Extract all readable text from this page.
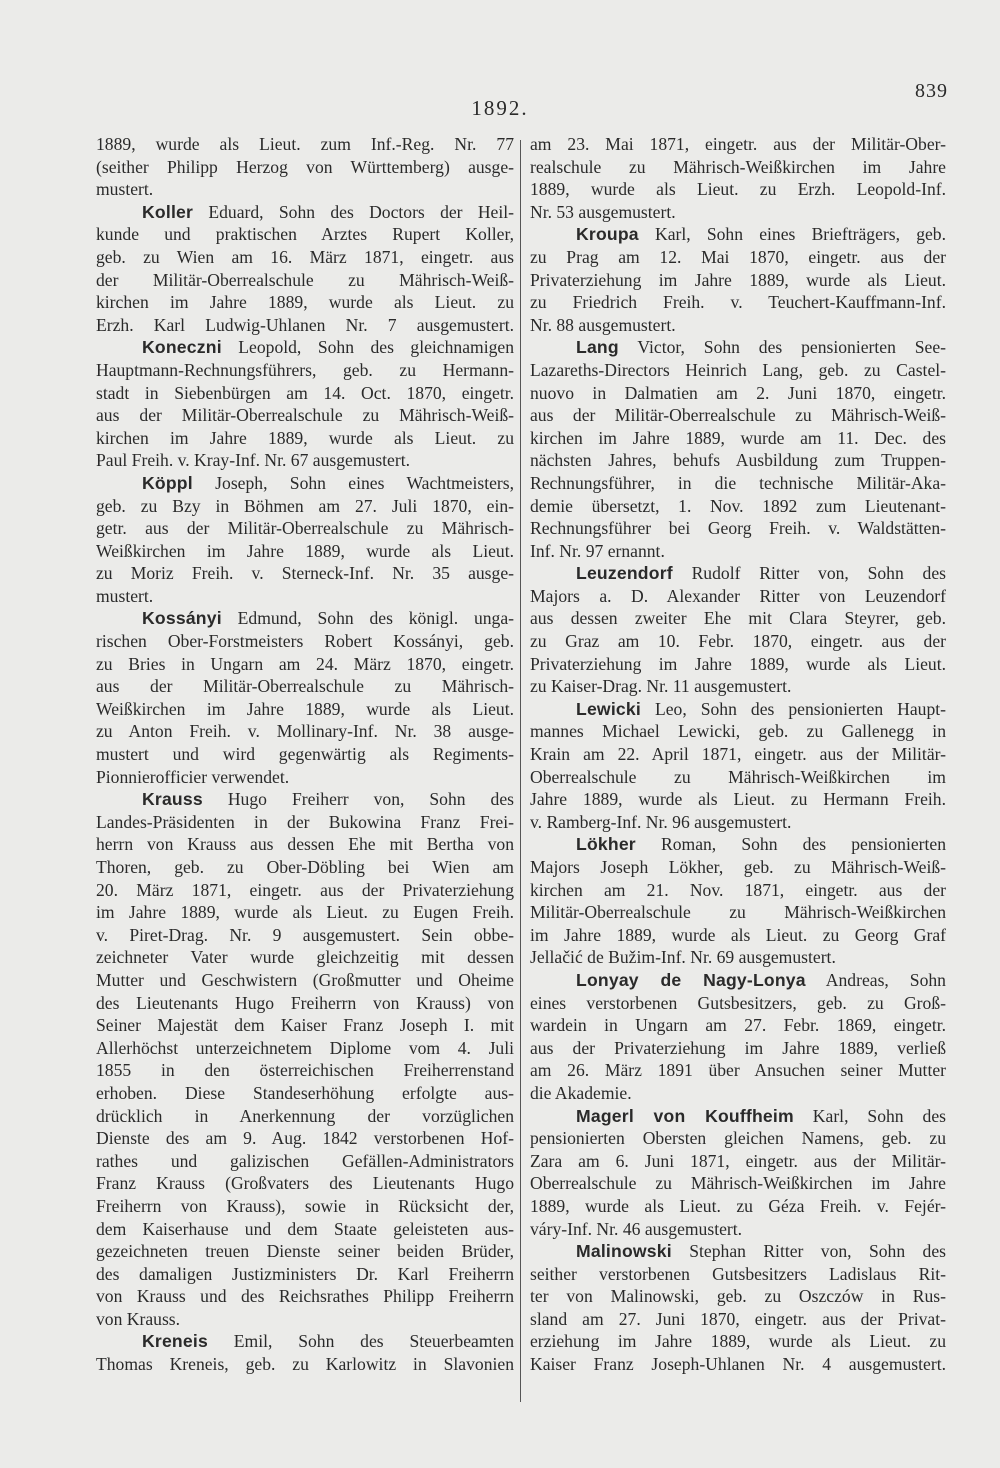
839
1892.
1889, wurde als Lieut. zum Inf.-Reg. Nr. 77
(seither Philipp Herzog von Württemberg) ausge-
mustert.
Koller Eduard, Sohn des Doctors der Heil-
kunde und praktischen Arztes Rupert Koller,
geb. zu Wien am 16. März 1871, eingetr. aus
der Militär-Oberrealschule zu Mährisch-Weiß-
kirchen im Jahre 1889, wurde als Lieut. zu
Erzh. Karl Ludwig-Uhlanen Nr. 7 ausgemustert.
Koneczni Leopold, Sohn des gleichnamigen
Hauptmann-Rechnungsführers, geb. zu Hermann-
stadt in Siebenbürgen am 14. Oct. 1870, eingetr.
aus der Militär-Oberrealschule zu Mährisch-Weiß-
kirchen im Jahre 1889, wurde als Lieut. zu
Paul Freih. v. Kray-Inf. Nr. 67 ausgemustert.
Köppl Joseph, Sohn eines Wachtmeisters,
geb. zu Bzy in Böhmen am 27. Juli 1870, ein-
getr. aus der Militär-Oberrealschule zu Mährisch-
Weißkirchen im Jahre 1889, wurde als Lieut.
zu Moriz Freih. v. Sterneck-Inf. Nr. 35 ausge-
mustert.
Kossányi Edmund, Sohn des königl. unga-
rischen Ober-Forstmeisters Robert Kossányi, geb.
zu Bries in Ungarn am 24. März 1870, eingetr.
aus der Militär-Oberrealschule zu Mährisch-
Weißkirchen im Jahre 1889, wurde als Lieut.
zu Anton Freih. v. Mollinary-Inf. Nr. 38 ausge-
mustert und wird gegenwärtig als Regiments-
Pionnierofficier verwendet.
Krauss Hugo Freiherr von, Sohn des
Landes-Präsidenten in der Bukowina Franz Frei-
herrn von Krauss aus dessen Ehe mit Bertha von
Thoren, geb. zu Ober-Döbling bei Wien am
20. März 1871, eingetr. aus der Privaterziehung
im Jahre 1889, wurde als Lieut. zu Eugen Freih.
v. Piret-Drag. Nr. 9 ausgemustert. Sein obbe-
zeichneter Vater wurde gleichzeitig mit dessen
Mutter und Geschwistern (Großmutter und Oheime
des Lieutenants Hugo Freiherrn von Krauss) von
Seiner Majestät dem Kaiser Franz Joseph I. mit
Allerhöchst unterzeichnetem Diplome vom 4. Juli
1855 in den österreichischen Freiherrenstand
erhoben. Diese Standeserhöhung erfolgte aus-
drücklich in Anerkennung der vorzüglichen
Dienste des am 9. Aug. 1842 verstorbenen Hof-
rathes und galizischen Gefällen-Administrators
Franz Krauss (Großvaters des Lieutenants Hugo
Freiherrn von Krauss), sowie in Rücksicht der,
dem Kaiserhause und dem Staate geleisteten aus-
gezeichneten treuen Dienste seiner beiden Brüder,
des damaligen Justizministers Dr. Karl Freiherrn
von Krauss und des Reichsrathes Philipp Freiherrn
von Krauss.
Kreneis Emil, Sohn des Steuerbeamten
Thomas Kreneis, geb. zu Karlowitz in Slavonien
am 23. Mai 1871, eingetr. aus der Militär-Ober-
realschule zu Mährisch-Weißkirchen im Jahre
1889, wurde als Lieut. zu Erzh. Leopold-Inf.
Nr. 53 ausgemustert.
Kroupa Karl, Sohn eines Briefträgers, geb.
zu Prag am 12. Mai 1870, eingetr. aus der
Privaterziehung im Jahre 1889, wurde als Lieut.
zu Friedrich Freih. v. Teuchert-Kauffmann-Inf.
Nr. 88 ausgemustert.
Lang Victor, Sohn des pensionierten See-
Lazareths-Directors Heinrich Lang, geb. zu Castel-
nuovo in Dalmatien am 2. Juni 1870, eingetr.
aus der Militär-Oberrealschule zu Mährisch-Weiß-
kirchen im Jahre 1889, wurde am 11. Dec. des
nächsten Jahres, behufs Ausbildung zum Truppen-
Rechnungsführer, in die technische Militär-Aka-
demie übersetzt, 1. Nov. 1892 zum Lieutenant-
Rechnungsführer bei Georg Freih. v. Waldstätten-
Inf. Nr. 97 ernannt.
Leuzendorf Rudolf Ritter von, Sohn des
Majors a. D. Alexander Ritter von Leuzendorf
aus dessen zweiter Ehe mit Clara Steyrer, geb.
zu Graz am 10. Febr. 1870, eingetr. aus der
Privaterziehung im Jahre 1889, wurde als Lieut.
zu Kaiser-Drag. Nr. 11 ausgemustert.
Lewicki Leo, Sohn des pensionierten Haupt-
mannes Michael Lewicki, geb. zu Gallenegg in
Krain am 22. April 1871, eingetr. aus der Militär-
Oberrealschule zu Mährisch-Weißkirchen im
Jahre 1889, wurde als Lieut. zu Hermann Freih.
v. Ramberg-Inf. Nr. 96 ausgemustert.
Lökher Roman, Sohn des pensionierten
Majors Joseph Lökher, geb. zu Mährisch-Weiß-
kirchen am 21. Nov. 1871, eingetr. aus der
Militär-Oberrealschule zu Mährisch-Weißkirchen
im Jahre 1889, wurde als Lieut. zu Georg Graf
Jellačić de Bužim-Inf. Nr. 69 ausgemustert.
Lonyay de Nagy-Lonya Andreas, Sohn
eines verstorbenen Gutsbesitzers, geb. zu Groß-
wardein in Ungarn am 27. Febr. 1869, eingetr.
aus der Privaterziehung im Jahre 1889, verließ
am 26. März 1891 über Ansuchen seiner Mutter
die Akademie.
Magerl von Kouffheim Karl, Sohn des
pensionierten Obersten gleichen Namens, geb. zu
Zara am 6. Juni 1871, eingetr. aus der Militär-
Oberrealschule zu Mährisch-Weißkirchen im Jahre
1889, wurde als Lieut. zu Géza Freih. v. Fejér-
váry-Inf. Nr. 46 ausgemustert.
Malinowski Stephan Ritter von, Sohn des
seither verstorbenen Gutsbesitzers Ladislaus Rit-
ter von Malinowski, geb. zu Oszczów in Rus-
sland am 27. Juni 1870, eingetr. aus der Privat-
erziehung im Jahre 1889, wurde als Lieut. zu
Kaiser Franz Joseph-Uhlanen Nr. 4 ausgemustert.
